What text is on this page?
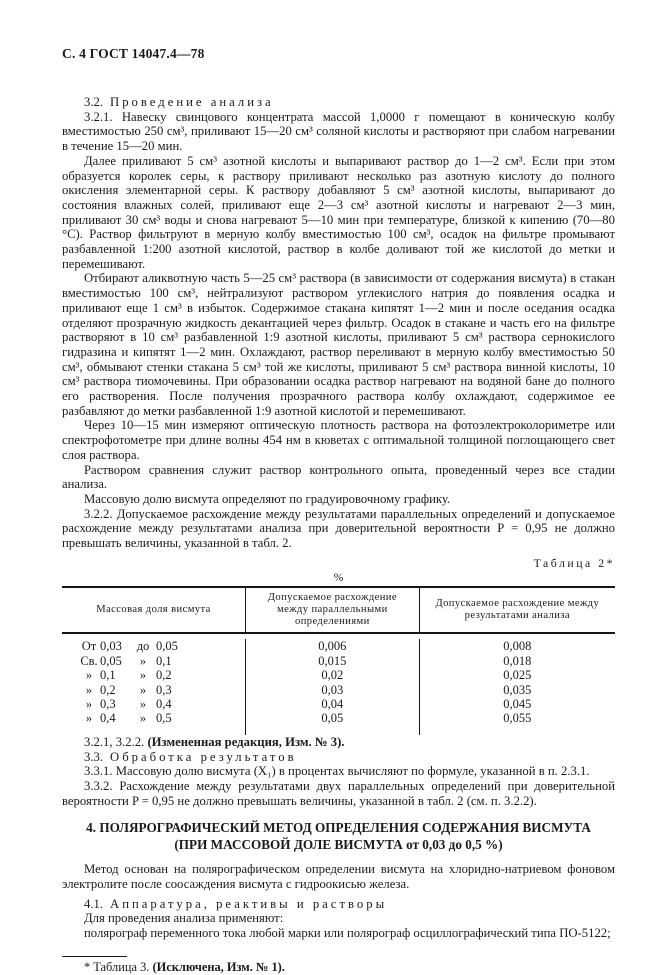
С. 4 ГОСТ 14047.4—78

3.2. Проведение анализа

3.2.1. Навеску свинцового концентрата массой 1,0000 г помещают в коническую колбу вместимостью 250 см³, приливают 15—20 см³ соляной кислоты и растворяют при слабом нагревании в течение 15—20 мин.

Далее приливают 5 см³ азотной кислоты и выпаривают раствор до 1—2 см³. Если при этом образуется королек серы, к раствору приливают несколько раз азотную кислоту до полного окисления элементарной серы. К раствору добавляют 5 см³ азотной кислоты, выпаривают до состояния влажных солей, приливают еще 2—3 см³ азотной кислоты и нагревают 2—3 мин, приливают 30 см³ воды и снова нагревают 5—10 мин при температуре, близкой к кипению (70—80 °С). Раствор фильтруют в мерную колбу вместимостью 100 см³, осадок на фильтре промывают разбавленной 1:200 азотной кислотой, раствор в колбе доливают той же кислотой до метки и перемешивают.

Отбирают аликвотную часть 5—25 см³ раствора (в зависимости от содержания висмута) в стакан вместимостью 100 см³, нейтрализуют раствором углекислого натрия до появления осадка и приливают еще 1 см³ в избыток. Содержимое стакана кипятят 1—2 мин и после оседания осадка отделяют прозрачную жидкость декантацией через фильтр. Осадок в стакане и часть его на фильтре растворяют в 10 см³ разбавленной 1:9 азотной кислоты, приливают 5 см³ раствора сернокислого гидразина и кипятят 1—2 мин. Охлаждают, раствор переливают в мерную колбу вместимостью 50 см³, обмывают стенки стакана 5 см³ той же кислоты, приливают 5 см³ раствора винной кислоты, 10 см³ раствора тиомочевины. При образовании осадка раствор нагревают на водяной бане до полного его растворения. После получения прозрачного раствора колбу охлаждают, содержимое ее разбавляют до метки разбавленной 1:9 азотной кислотой и перемешивают.

Через 10—15 мин измеряют оптическую плотность раствора на фотоэлектроколориметре или спектрофотометре при длине волны 454 нм в кюветах с оптимальной толщиной поглощающего свет слоя раствора.

Раствором сравнения служит раствор контрольного опыта, проведенный через все стадии анализа.

Массовую долю висмута определяют по градуировочному графику.

3.2.2. Допускаемое расхождение между результатами параллельных определений и допускаемое расхождение между результатами анализа при доверительной вероятности P = 0,95 не должно превышать величины, указанной в табл. 2.

Таблица 2*

%

Массовая доля висмута
Допускаемое расхождение между параллельными определениями
Допускаемое расхождение между результатами анализа
От 0,03	до 0,05	0,006	0,008
Св. 0,05	» 0,1	0,015	0,018
» 0,1	» 0,2	0,02	0,025
» 0,2	» 0,3	0,03	0,035
» 0,3	» 0,4	0,04	0,045
» 0,4	» 0,5	0,05	0,055

3.2.1, 3.2.2. (Измененная редакция, Изм. № 3).

3.3. Обработка результатов

3.3.1. Массовую долю висмута (X₁) в процентах вычисляют по формуле, указанной в п. 2.3.1.

3.3.2. Расхождение между результатами двух параллельных определений при доверительной вероятности P = 0,95 не должно превышать величины, указанной в табл. 2 (см. п. 3.2.2).

4. ПОЛЯРОГРАФИЧЕСКИЙ МЕТОД ОПРЕДЕЛЕНИЯ СОДЕРЖАНИЯ ВИСМУТА
(ПРИ МАССОВОЙ ДОЛЕ ВИСМУТА от 0,03 до 0,5 %)

Метод основан на полярографическом определении висмута на хлоридно-натриевом фоновом электролите после соосаждения висмута с гидроокисью железа.

4.1. Аппаратура, реактивы и растворы

Для проведения анализа применяют:

полярограф переменного тока любой марки или полярограф осциллографический типа ПО-5122;

* Таблица 3. (Исключена, Изм. № 1).
